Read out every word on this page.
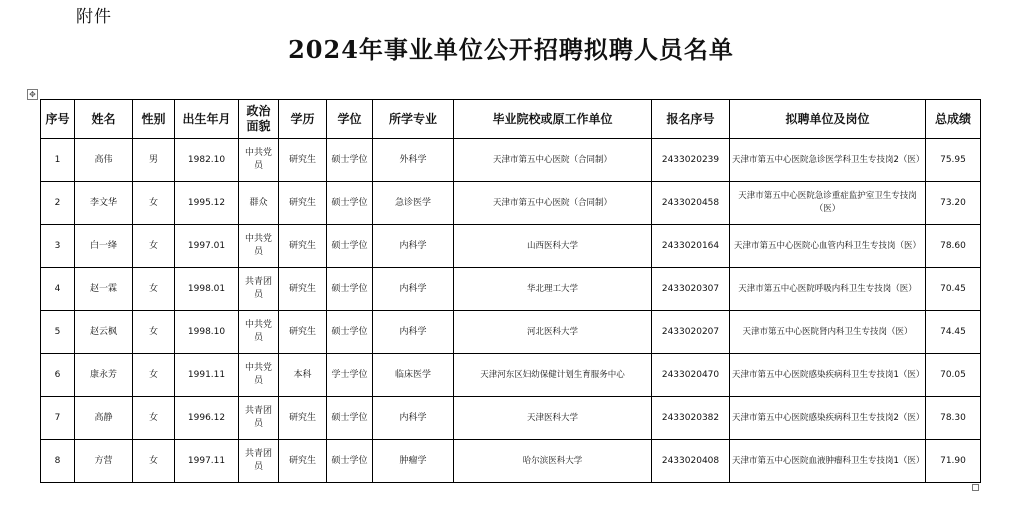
附件
2024年事业单位公开招聘拟聘人员名单
✥
序号	姓名	性别	出生年月	政治面貌	学历	学位	所学专业	毕业院校或原工作单位	报名序号	拟聘单位及岗位	总成绩
1	高伟	男	1982.10	中共党员	研究生	硕士学位	外科学	天津市第五中心医院（合同制）	2433020239	天津市第五中心医院急诊医学科卫生专技岗2（医）	75.95
2	李文华	女	1995.12	群众	研究生	硕士学位	急诊医学	天津市第五中心医院（合同制）	2433020458	天津市第五中心医院急诊重症监护室卫生专技岗（医）	73.20
3	白一绛	女	1997.01	中共党员	研究生	硕士学位	内科学	山西医科大学	2433020164	天津市第五中心医院心血管内科卫生专技岗（医）	78.60
4	赵一霖	女	1998.01	共青团员	研究生	硕士学位	内科学	华北理工大学	2433020307	天津市第五中心医院呼吸内科卫生专技岗（医）	70.45
5	赵云枫	女	1998.10	中共党员	研究生	硕士学位	内科学	河北医科大学	2433020207	天津市第五中心医院肾内科卫生专技岗（医）	74.45
6	康永芳	女	1991.11	中共党员	本科	学士学位	临床医学	天津河东区妇幼保健计划生育服务中心	2433020470	天津市第五中心医院感染疾病科卫生专技岗1（医）	70.05
7	高静	女	1996.12	共青团员	研究生	硕士学位	内科学	天津医科大学	2433020382	天津市第五中心医院感染疾病科卫生专技岗2（医）	78.30
8	方营	女	1997.11	共青团员	研究生	硕士学位	肿瘤学	哈尔滨医科大学	2433020408	天津市第五中心医院血液肿瘤科卫生专技岗1（医）	71.90
